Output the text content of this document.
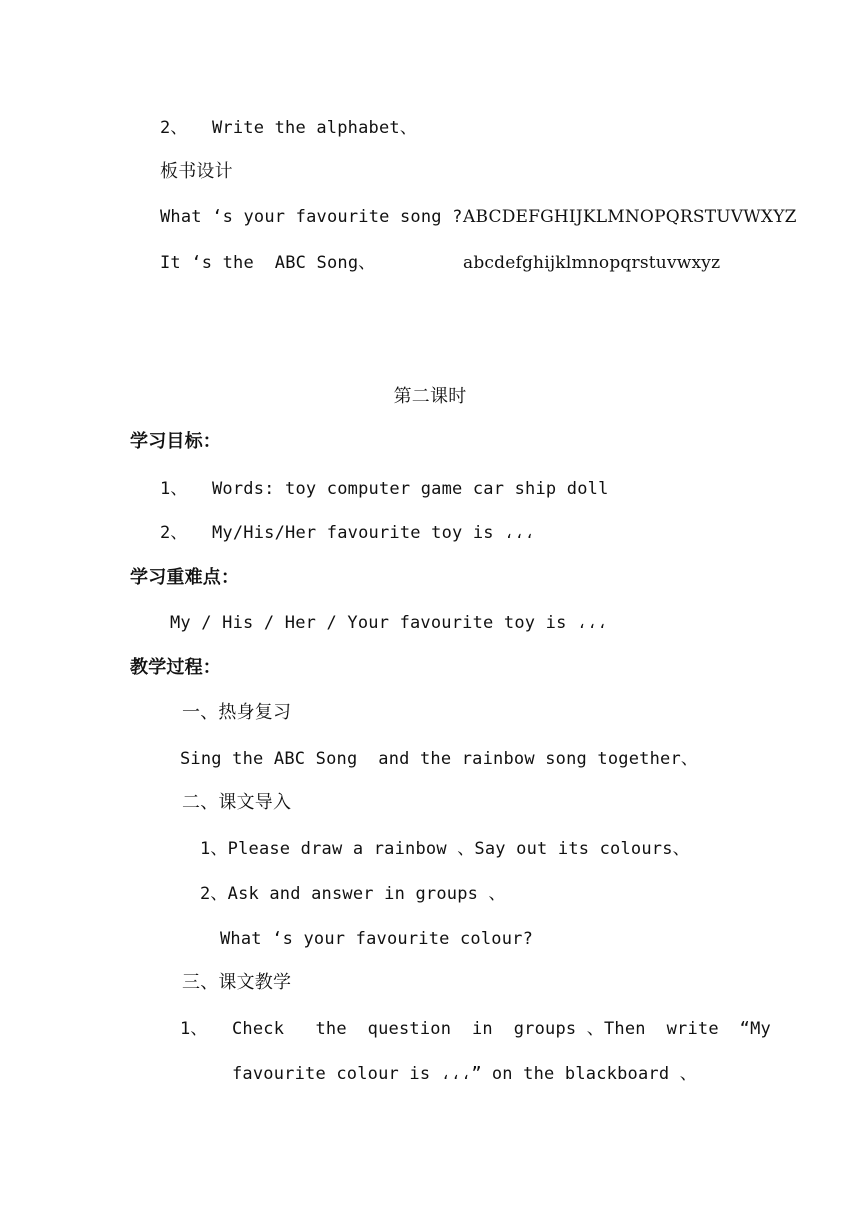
2、 Write the alphabet、
板书设计
What ‘s your favourite song ? ABCDEFGHIJKLMNOPQRSTUVWXYZ
It ‘s the  ABC Song、	abcdefghijklmnopqrstuvwxyz
第二课时
学习目标：
1、 Words: toy computer game car ship doll
2、 My/His/Her favourite toy is ،،،
学习重难点：
My / His / Her / Your favourite toy is ،،،
教学过程：
一、热身复习
Sing the ABC Song  and the rainbow song together、
二、课文导入
1、Please draw a rainbow 、Say out its colours、
2、Ask and answer in groups 、
What ‘s your favourite colour?
三、课文教学
1、 Check   the  question  in  groups 、Then  write  “My
favourite colour is ،،،” on the blackboard 、
